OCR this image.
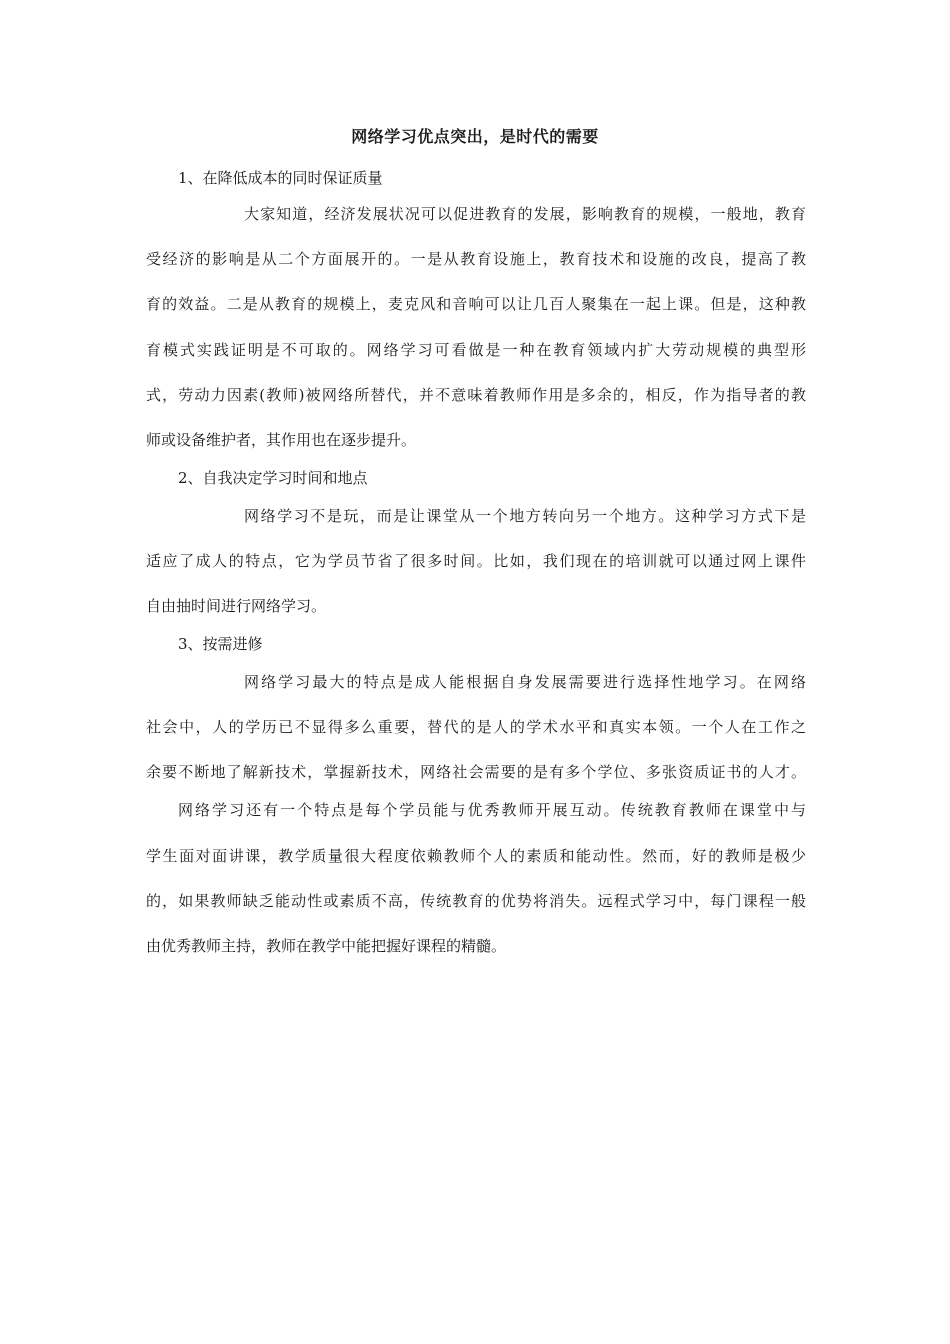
网络学习优点突出，是时代的需要
1、在降低成本的同时保证质量
大家知道，经济发展状况可以促进教育的发展，影响教育的规模，一般地，教育
受经济的影响是从二个方面展开的。一是从教育设施上，教育技术和设施的改良，提高了教
育的效益。二是从教育的规模上，麦克风和音响可以让几百人聚集在一起上课。但是，这种教
育模式实践证明是不可取的。网络学习可看做是一种在教育领域内扩大劳动规模的典型形
式，劳动力因素(教师)被网络所替代，并不意味着教师作用是多余的，相反，作为指导者的教
师或设备维护者，其作用也在逐步提升。
2、自我决定学习时间和地点
网络学习不是玩，而是让课堂从一个地方转向另一个地方。这种学习方式下是
适应了成人的特点，它为学员节省了很多时间。比如，我们现在的培训就可以通过网上课件
自由抽时间进行网络学习。
3、按需进修
网络学习最大的特点是成人能根据自身发展需要进行选择性地学习。在网络
社会中，人的学历已不显得多么重要，替代的是人的学术水平和真实本领。一个人在工作之
余要不断地了解新技术，掌握新技术，网络社会需要的是有多个学位、多张资质证书的人才。
网络学习还有一个特点是每个学员能与优秀教师开展互动。传统教育教师在课堂中与
学生面对面讲课，教学质量很大程度依赖教师个人的素质和能动性。然而，好的教师是极少
的，如果教师缺乏能动性或素质不高，传统教育的优势将消失。远程式学习中，每门课程一般
由优秀教师主持，教师在教学中能把握好课程的精髓。
